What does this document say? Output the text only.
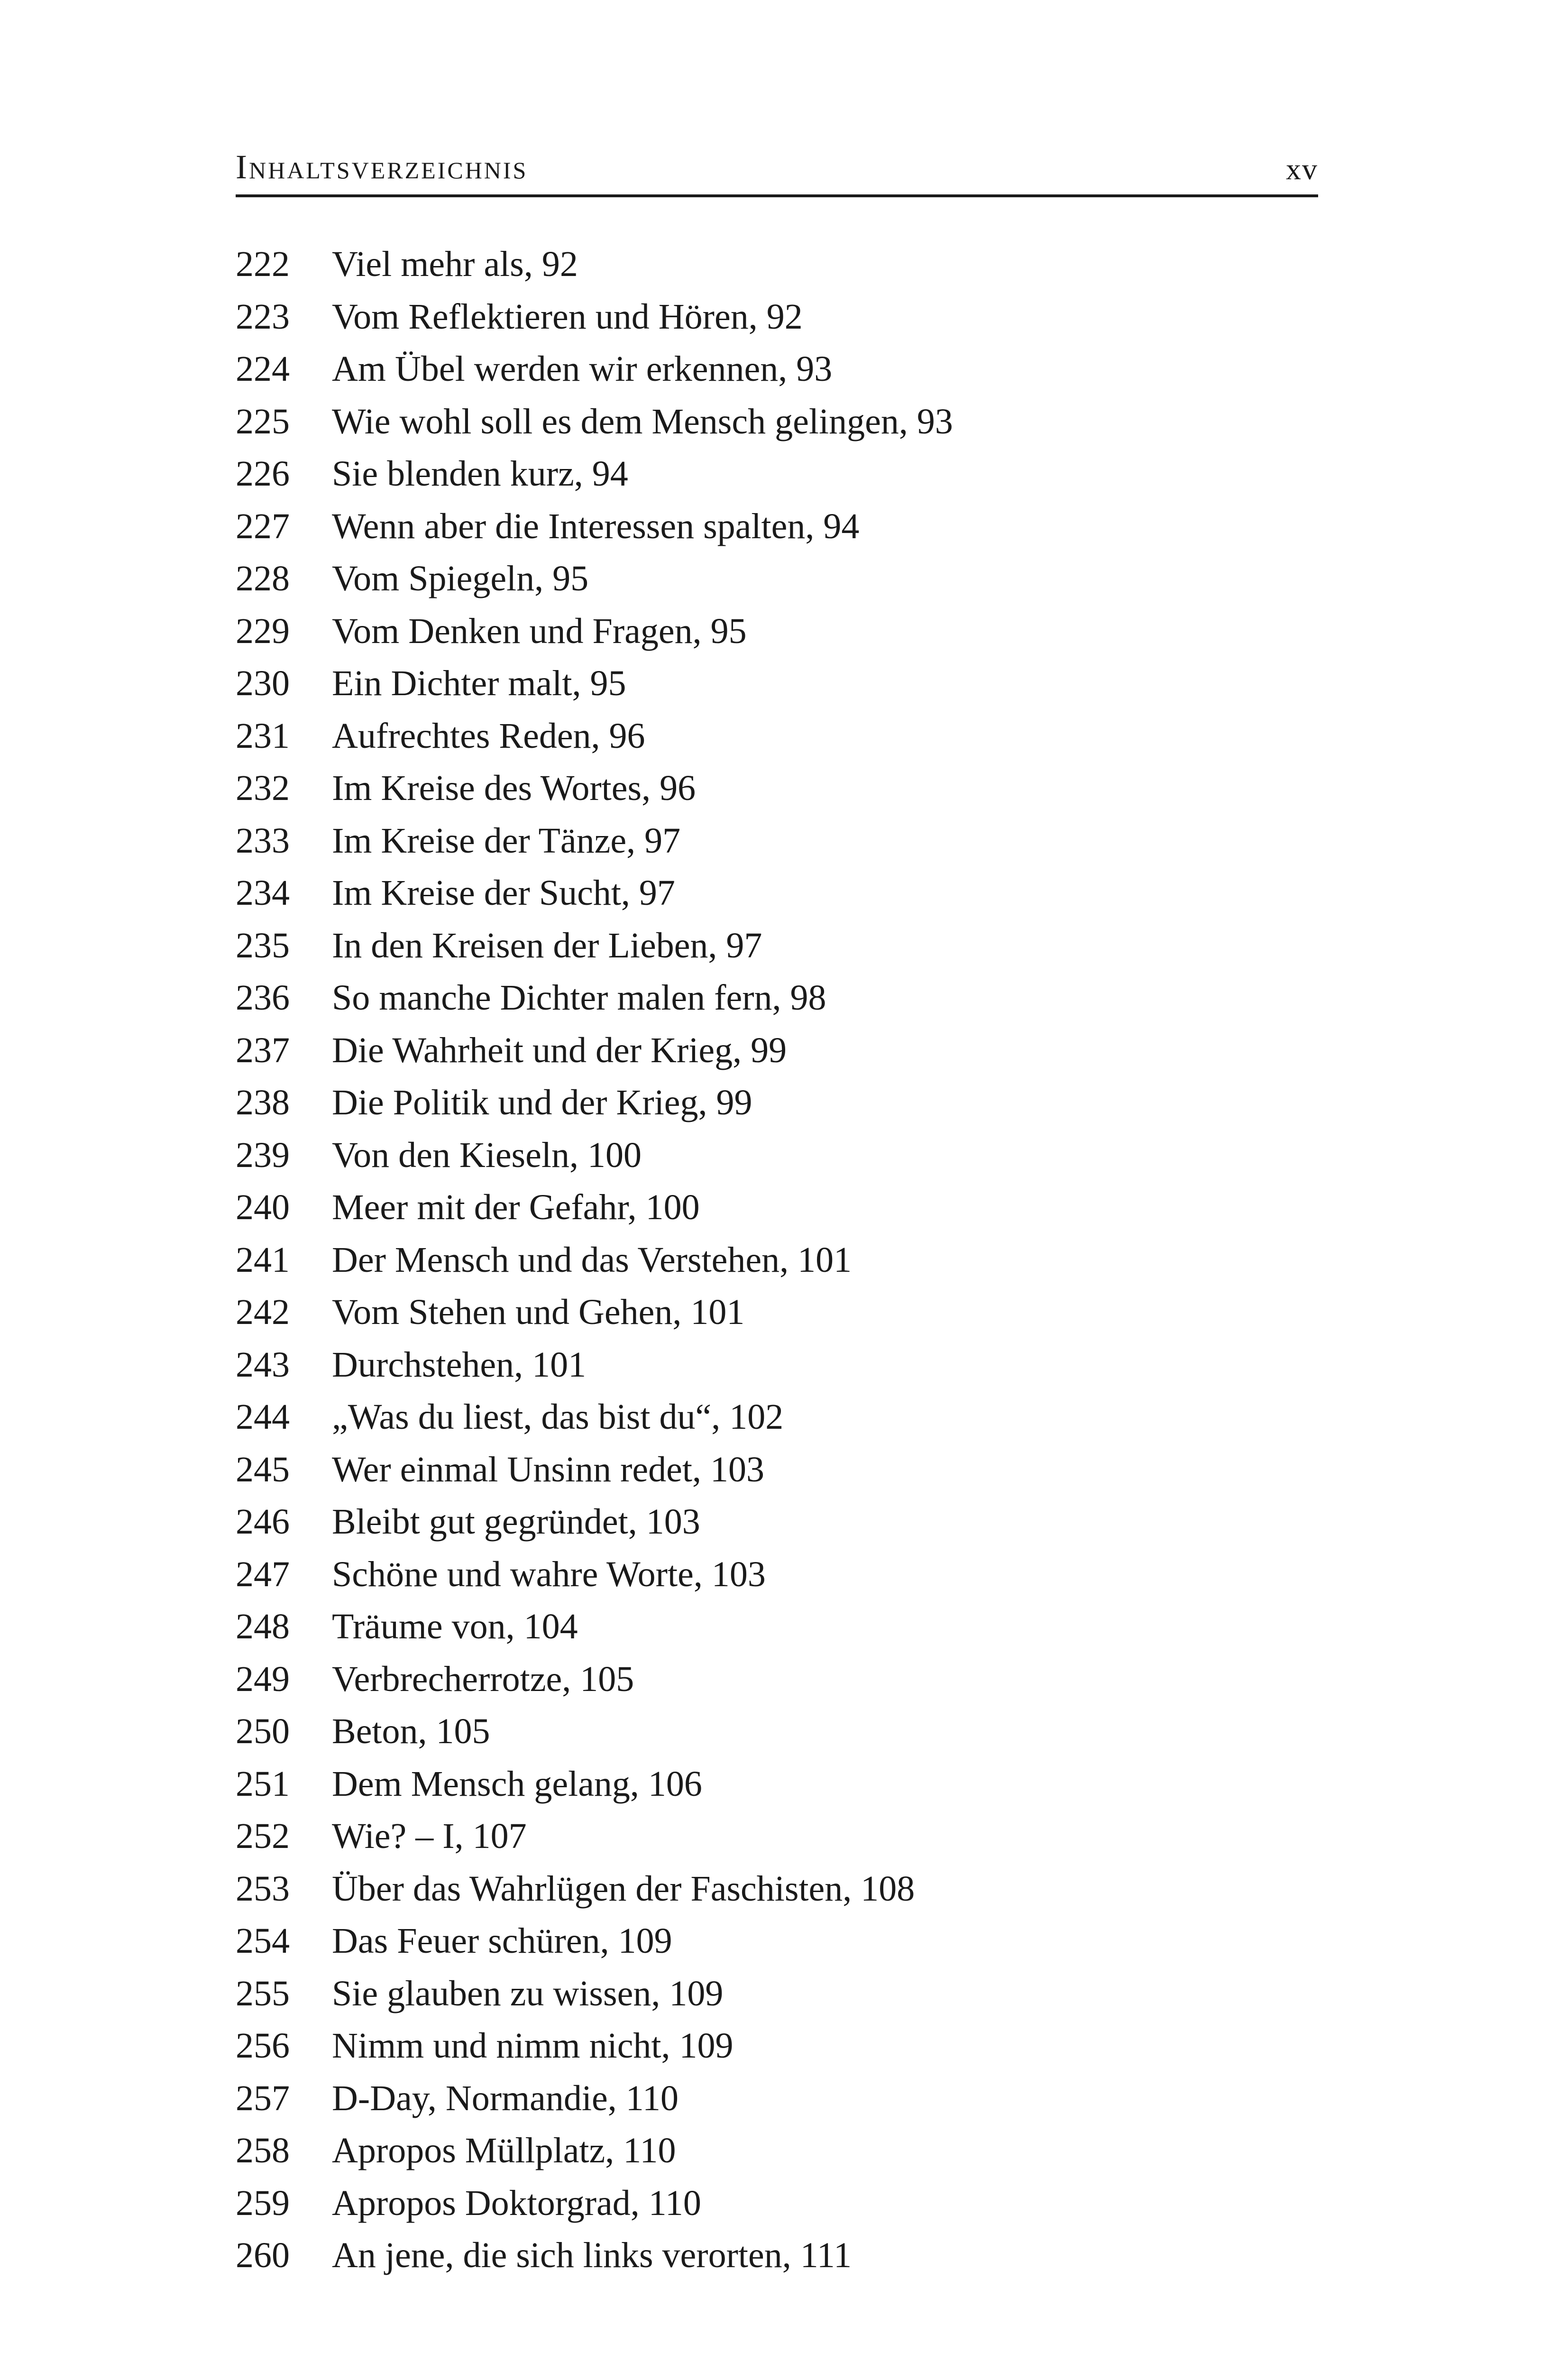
Inhaltsverzeichnis	xv
222	Viel mehr als, 92
223	Vom Reflektieren und Hören, 92
224	Am Übel werden wir erkennen, 93
225	Wie wohl soll es dem Mensch gelingen, 93
226	Sie blenden kurz, 94
227	Wenn aber die Interessen spalten, 94
228	Vom Spiegeln, 95
229	Vom Denken und Fragen, 95
230	Ein Dichter malt, 95
231	Aufrechtes Reden, 96
232	Im Kreise des Wortes, 96
233	Im Kreise der Tänze, 97
234	Im Kreise der Sucht, 97
235	In den Kreisen der Lieben, 97
236	So manche Dichter malen fern, 98
237	Die Wahrheit und der Krieg, 99
238	Die Politik und der Krieg, 99
239	Von den Kieseln, 100
240	Meer mit der Gefahr, 100
241	Der Mensch und das Verstehen, 101
242	Vom Stehen und Gehen, 101
243	Durchstehen, 101
244	„Was du liest, das bist du“, 102
245	Wer einmal Unsinn redet, 103
246	Bleibt gut gegründet, 103
247	Schöne und wahre Worte, 103
248	Träume von, 104
249	Verbrecherrotze, 105
250	Beton, 105
251	Dem Mensch gelang, 106
252	Wie? – I, 107
253	Über das Wahrlügen der Faschisten, 108
254	Das Feuer schüren, 109
255	Sie glauben zu wissen, 109
256	Nimm und nimm nicht, 109
257	D-Day, Normandie, 110
258	Apropos Müllplatz, 110
259	Apropos Doktorgrad, 110
260	An jene, die sich links verorten, 111
